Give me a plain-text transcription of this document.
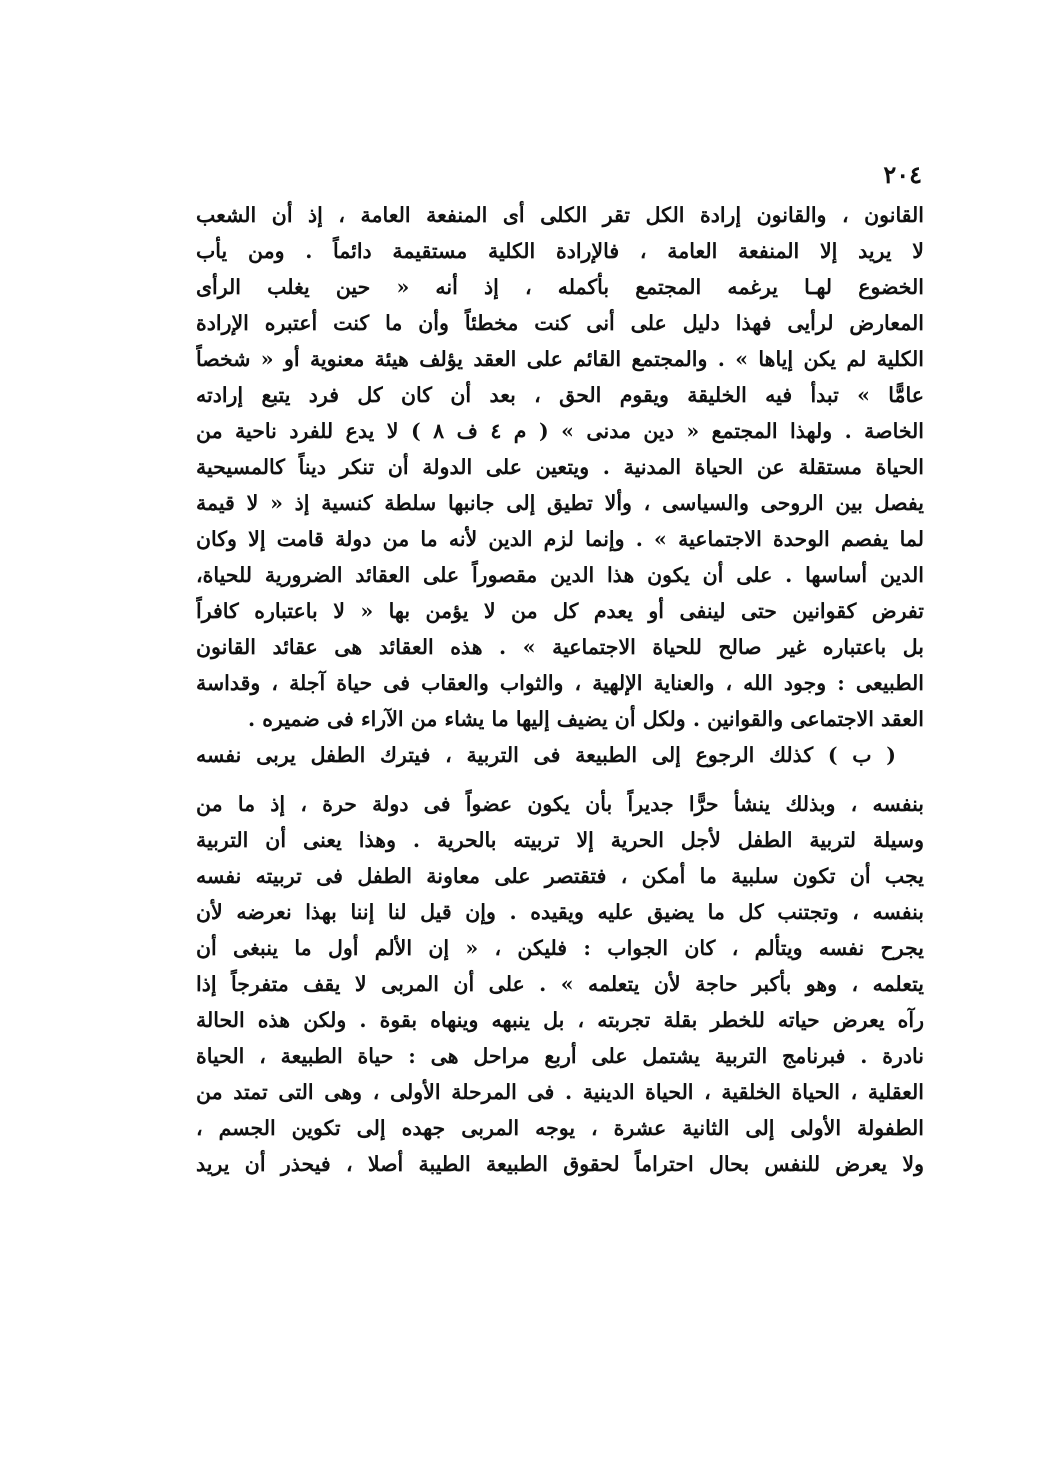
٢٠٤
القانون ، والقانون إرادة الكل تقر الكلى أى المنفعة العامة ، إذ أن الشعب
لا يريد إلا المنفعة العامة ، فالإرادة الكلية مستقيمة دائماً . ومن يأب
الخضوع لهـا يرغمه المجتمع بأكمله ، إذ أنه « حين يغلب الرأى
المعارض لرأيى فهذا دليل على أنى كنت مخطئاً وأن ما كنت أعتبره الإرادة
الكلية لم يكن إياها » . والمجتمع القائم على العقد يؤلف هيئة معنوية أو « شخصاً
عامًّا » تبدأ فيه الخليقة ويقوم الحق ، بعد أن كان كل فرد يتبع إرادته
الخاصة . ولهذا المجتمع « دين مدنى » ( م ٤ ف ٨ ) لا يدع للفرد ناحية من
الحياة مستقلة عن الحياة المدنية . ويتعين على الدولة أن تنكر ديناً كالمسيحية
يفصل بين الروحى والسياسى ، وألا تطيق إلى جانبها سلطة كنسية إذ « لا قيمة
لما يفصم الوحدة الاجتماعية » . وإنما لزم الدين لأنه ما من دولة قامت إلا وكان
الدين أساسها . على أن يكون هذا الدين مقصوراً على العقائد الضرورية للحياة،
تفرض كقوانين حتى لينفى أو يعدم كل من لا يؤمن بها « لا باعتباره كافراً
بل باعتباره غير صالح للحياة الاجتماعية » . هذه العقائد هى عقائد القانون
الطبيعى : وجود الله ، والعناية الإلهية ، والثواب والعقاب فى حياة آجلة ، وقداسة
العقد الاجتماعى والقوانين . ولكل أن يضيف إليها ما يشاء من الآراء فى ضميره .
( ب ) كذلك الرجوع إلى الطبيعة فى التربية ، فيترك الطفل يربى نفسه
بنفسه ، وبذلك ينشأ حرًّا جديراً بأن يكون عضواً فى دولة حرة ، إذ ما من
وسيلة لتربية الطفل لأجل الحرية إلا تربيته بالحرية . وهذا يعنى أن التربية
يجب أن تكون سلبية ما أمكن ، فتقتصر على معاونة الطفل فى تربيته نفسه
بنفسه ، وتجتنب كل ما يضيق عليه ويقيده . وإن قيل لنا إننا بهذا نعرضه لأن
يجرح نفسه ويتألم ، كان الجواب : فليكن ، « إن الألم أول ما ينبغى أن
يتعلمه ، وهو بأكبر حاجة لأن يتعلمه » . على أن المربى لا يقف متفرجاً إذا
رآه يعرض حياته للخطر بقلة تجربته ، بل ينبهه وينهاه بقوة . ولكن هذه الحالة
نادرة . فبرنامج التربية يشتمل على أربع مراحل هى : حياة الطبيعة ، الحياة
العقلية ، الحياة الخلقية ، الحياة الدينية . فى المرحلة الأولى ، وهى التى تمتد من
الطفولة الأولى إلى الثانية عشرة ، يوجه المربى جهده إلى تكوين الجسم ،
ولا يعرض للنفس بحال احتراماً لحقوق الطبيعة الطيبة أصلا ، فيحذر أن يريد
